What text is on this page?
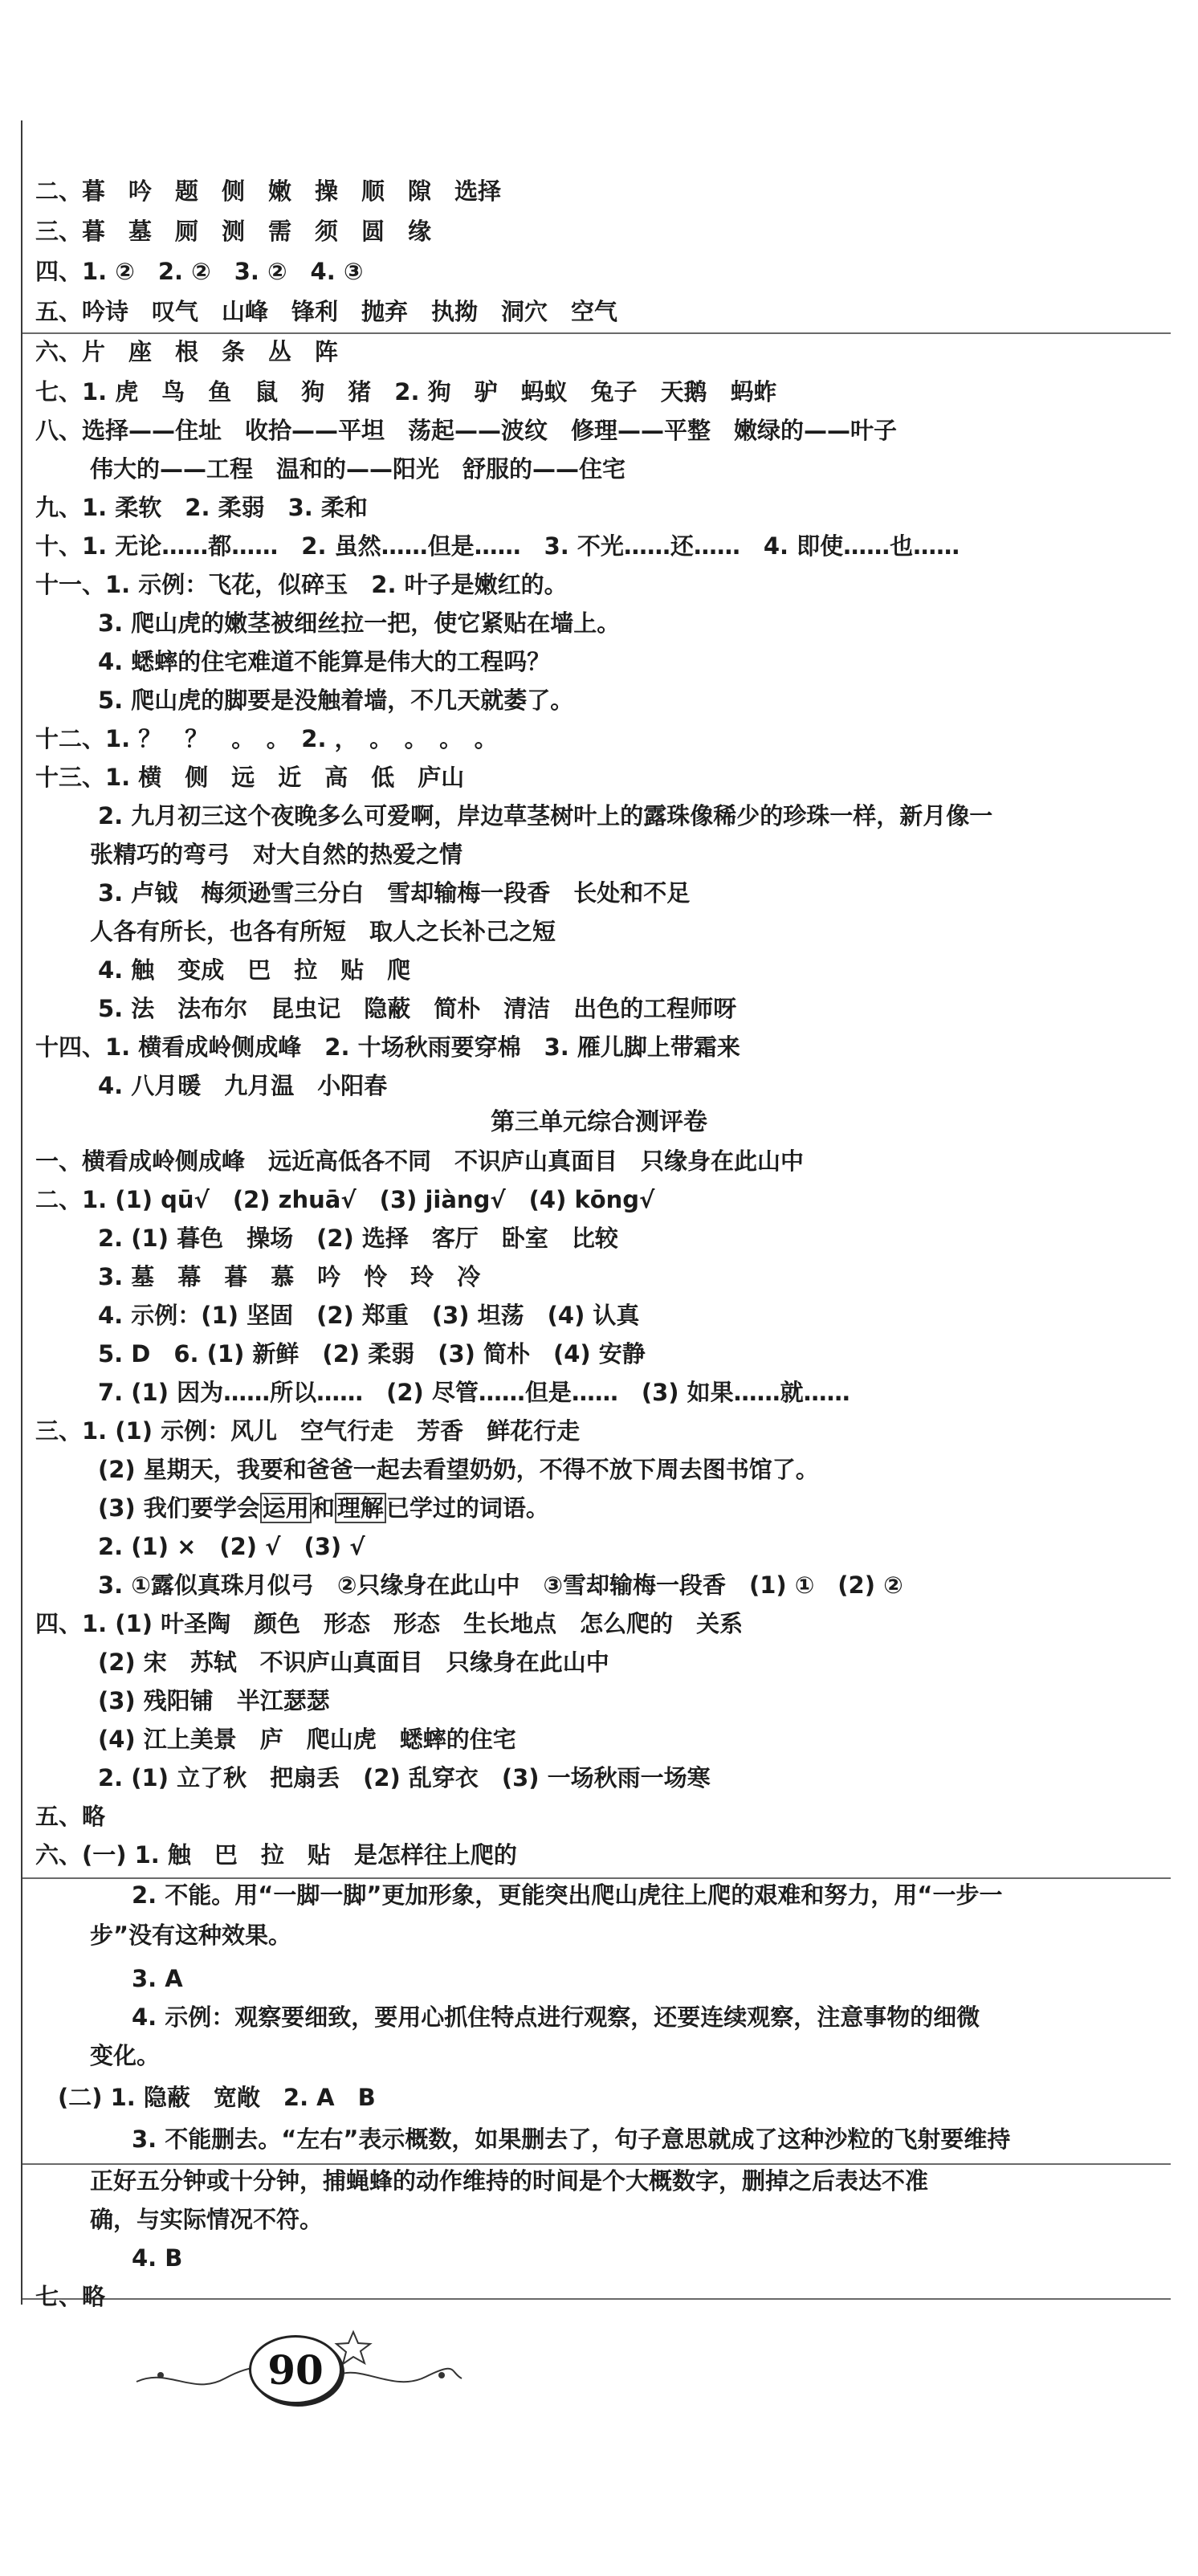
二、暮　吟　题　侧　嫩　操　顺　隙　选择
三、暮　墓　厕　测　需　须　圆　缘
四、1. ②　2. ②　3. ②　4. ③
五、吟诗　叹气　山峰　锋利　抛弃　执拗　洞穴　空气
六、片　座　根　条　丛　阵
七、1. 虎　鸟　鱼　鼠　狗　猪　2. 狗　驴　蚂蚁　兔子　天鹅　蚂蚱
八、选择——住址　收拾——平坦　荡起——波纹　修理——平整　嫩绿的——叶子
伟大的——工程　温和的——阳光　舒服的——住宅
九、1. 柔软　2. 柔弱　3. 柔和
十、1. 无论……都……　2. 虽然……但是……　3. 不光……还……　4. 即使……也……
十一、1. 示例：飞花，似碎玉　2. 叶子是嫩红的。
3. 爬山虎的嫩茎被细丝拉一把，使它紧贴在墙上。
4. 蟋蟀的住宅难道不能算是伟大的工程吗？
5. 爬山虎的脚要是没触着墙，不几天就萎了。
十二、1. ？　？　。　。　2. ，　。　。　。　。
十三、1. 横　侧　远　近　高　低　庐山
2. 九月初三这个夜晚多么可爱啊，岸边草茎树叶上的露珠像稀少的珍珠一样，新月像一
张精巧的弯弓　对大自然的热爱之情
3. 卢钺　梅须逊雪三分白　雪却输梅一段香　长处和不足
人各有所长，也各有所短　取人之长补己之短
4. 触　变成　巴　拉　贴　爬
5. 法　法布尔　昆虫记　隐蔽　简朴　清洁　出色的工程师呀
十四、1. 横看成岭侧成峰　2. 十场秋雨要穿棉　3. 雁儿脚上带霜来
4. 八月暖　九月温　小阳春
第三单元综合测评卷
一、横看成岭侧成峰　远近高低各不同　不识庐山真面目　只缘身在此山中
二、1. (1) qū√　(2) zhuā√　(3) jiàng√　(4) kōng√
2. (1) 暮色　操场　(2) 选择　客厅　卧室　比较
3. 墓　幕　暮　慕　吟　怜　玲　冷
4. 示例：(1) 坚固　(2) 郑重　(3) 坦荡　(4) 认真
5. D　6. (1) 新鲜　(2) 柔弱　(3) 简朴　(4) 安静
7. (1) 因为……所以……　(2) 尽管……但是……　(3) 如果……就……
三、1. (1) 示例：风儿　空气行走　芳香　鲜花行走
(2) 星期天，我要和爸爸一起去看望奶奶，不得不放下周去图书馆了。
(3) 我们要学会 运用 和 理解 已学过的词语。
2. (1) ×　(2) √　(3) √
3. ①露似真珠月似弓　②只缘身在此山中　③雪却输梅一段香　(1) ①　(2) ②
四、1. (1) 叶圣陶　颜色　形态　形态　生长地点　怎么爬的　关系
(2) 宋　苏轼　不识庐山真面目　只缘身在此山中
(3) 残阳铺　半江瑟瑟
(4) 江上美景　庐　爬山虎　蟋蟀的住宅
2. (1) 立了秋　把扇丢　(2) 乱穿衣　(3) 一场秋雨一场寒
五、略
六、(一) 1. 触　巴　拉　贴　是怎样往上爬的
2. 不能。用“一脚一脚”更加形象，更能突出爬山虎往上爬的艰难和努力，用“一步一
步”没有这种效果。
3. A
4. 示例：观察要细致，要用心抓住特点进行观察，还要连续观察，注意事物的细微
变化。
(二) 1. 隐蔽　宽敞　2. A　B
3. 不能删去。“左右”表示概数，如果删去了，句子意思就成了这种沙粒的飞射要维持
正好五分钟或十分钟，捕蝇蜂的动作维持的时间是个大概数字，删掉之后表达不准
确，与实际情况不符。
4. B
七、略
90
